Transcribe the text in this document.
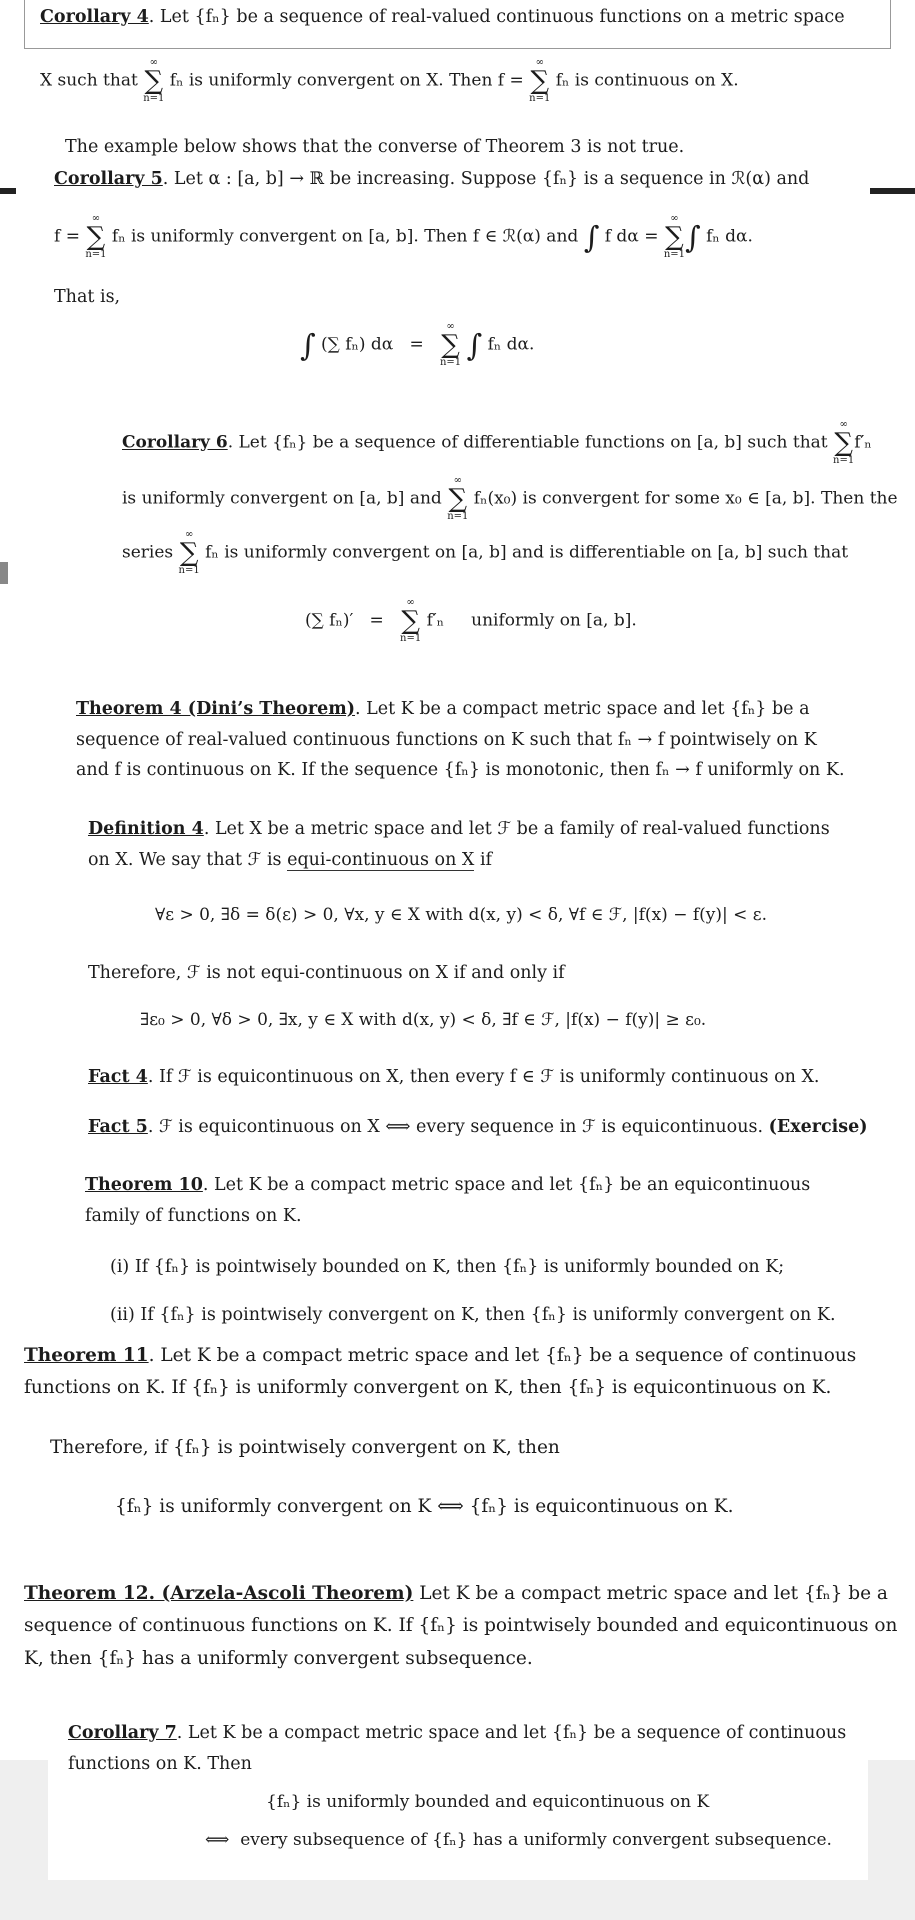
Corollary 4. Let {fₙ} be a sequence of real-valued continuous functions on a metric space
X such that
∞
∑
n=1
fₙ is uniformly convergent on X. Then f =
∞
∑
n=1
fₙ is continuous on X.
The example below shows that the converse of Theorem 3 is not true.
Corollary 5. Let α : [a, b] → ℝ be increasing. Suppose {fₙ} is a sequence in ℛ(α) and
f =
∞
∑
n=1
fₙ is uniformly convergent on [a, b]. Then f ∈ ℛ(α) and ∫ f dα =
∞
∑
n=1 ∫ fₙ dα.
That is,
∫ (∑ fₙ) dα =
∞
∑
n=1 ∫ fₙ dα.
Corollary 6. Let {fₙ} be a sequence of differentiable functions on [a, b] such that
∞
∑
n=1
f′ₙ
is uniformly convergent on [a, b] and
∞
∑
n=1
fₙ(x₀) is convergent for some x₀ ∈ [a, b]. Then the
series
∞
∑
n=1
fₙ is uniformly convergent on [a, b] and is differentiable on [a, b] such that
(∑ fₙ)′ =
∞
∑
n=1
f′ₙ uniformly on [a, b].
Theorem 4 (Dini’s Theorem). Let K be a compact metric space and let {fₙ} be a sequence of real-valued continuous functions on K such that fₙ → f pointwisely on K and f is continuous on K. If the sequence {fₙ} is monotonic, then fₙ → f uniformly on K.
Definition 4. Let X be a metric space and let ℱ be a family of real-valued functions on X. We say that ℱ is equi-continuous on X if
∀ε > 0, ∃δ = δ(ε) > 0, ∀x, y ∈ X with d(x, y) < δ, ∀f ∈ ℱ, |f(x) − f(y)| < ε.
Therefore, ℱ is not equi-continuous on X if and only if
∃ε₀ > 0, ∀δ > 0, ∃x, y ∈ X with d(x, y) < δ, ∃f ∈ ℱ, |f(x) − f(y)| ≥ ε₀.
Fact 4. If ℱ is equicontinuous on X, then every f ∈ ℱ is uniformly continuous on X.
Fact 5. ℱ is equicontinuous on X ⟺ every sequence in ℱ is equicontinuous. (Exercise)
Theorem 10. Let K be a compact metric space and let {fₙ} be an equicontinuous family of functions on K.
(i) If {fₙ} is pointwisely bounded on K, then {fₙ} is uniformly bounded on K;
(ii) If {fₙ} is pointwisely convergent on K, then {fₙ} is uniformly convergent on K.
Theorem 11. Let K be a compact metric space and let {fₙ} be a sequence of continuous functions on K. If {fₙ} is uniformly convergent on K, then {fₙ} is equicontinuous on K.
Therefore, if {fₙ} is pointwisely convergent on K, then
{fₙ} is uniformly convergent on K ⟺ {fₙ} is equicontinuous on K.
Theorem 12. (Arzela-Ascoli Theorem) Let K be a compact metric space and let {fₙ} be a sequence of continuous functions on K. If {fₙ} is pointwisely bounded and equicontinuous on K, then {fₙ} has a uniformly convergent subsequence.
Corollary 7. Let K be a compact metric space and let {fₙ} be a sequence of continuous functions on K. Then
{fₙ} is uniformly bounded and equicontinuous on K
⟺ every subsequence of {fₙ} has a uniformly convergent subsequence.
